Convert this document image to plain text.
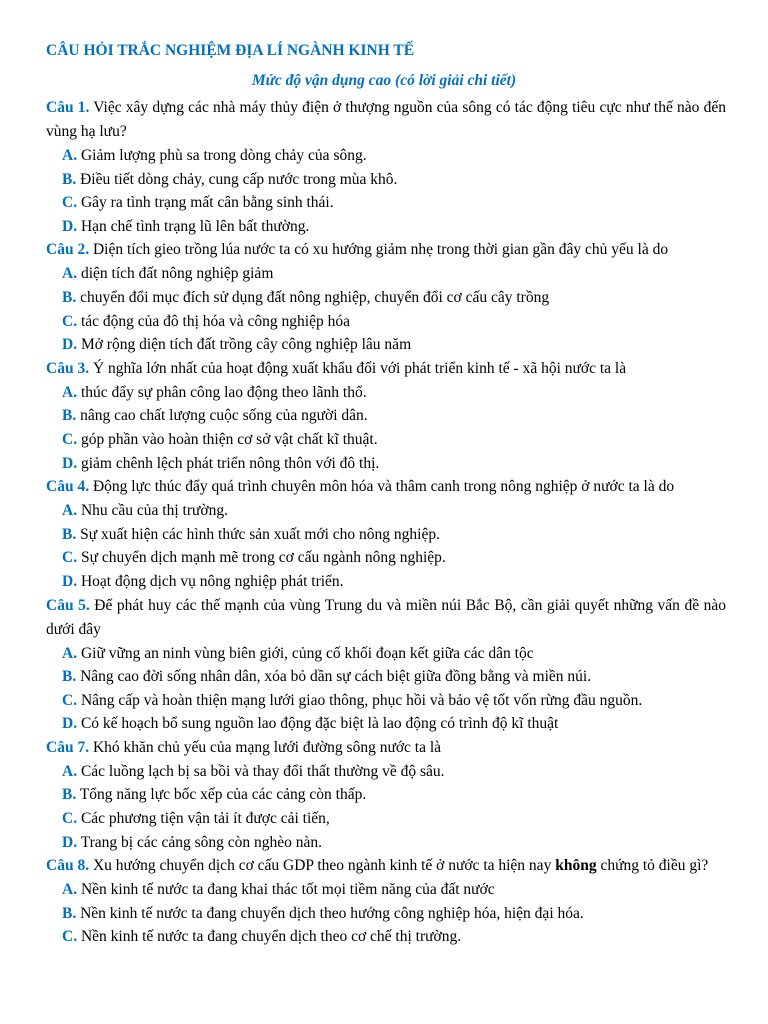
CÂU HỎI TRẮC NGHIỆM ĐỊA LÍ NGÀNH KINH TẾ
Mức độ vận dụng cao (có lời giải chi tiết)

Câu 1. Việc xây dựng các nhà máy thủy điện ở thượng nguồn của sông có tác động tiêu cực như thế nào đến vùng hạ lưu?

A. Giảm lượng phù sa trong dòng chảy của sông.

B. Điều tiết dòng chảy, cung cấp nước trong mùa khô.

C. Gây ra tình trạng mất cân bằng sinh thái.

D. Hạn chế tình trạng lũ lên bất thường.

Câu 2. Diện tích gieo trồng lúa nước ta có xu hướng giảm nhẹ trong thời gian gần đây chủ yếu là do

A. diện tích đất nông nghiệp giảm

B. chuyển đổi mục đích sử dụng đất nông nghiệp, chuyển đổi cơ cấu cây trồng

C. tác động của đô thị hóa và công nghiệp hóa

D. Mở rộng diện tích đất trồng cây công nghiệp lâu năm

Câu 3. Ý nghĩa lớn nhất của hoạt động xuất khẩu đối với phát triển kinh tế - xã hội nước ta là

A. thúc đẩy sự phân công lao động theo lãnh thổ.

B. nâng cao chất lượng cuộc sống của người dân.

C. góp phần vào hoàn thiện cơ sở vật chất kĩ thuật.

D. giảm chênh lệch phát triển nông thôn với đô thị.

Câu 4. Động lực thúc đẩy quá trình chuyên môn hóa và thâm canh trong nông nghiệp ở nước ta là do

A. Nhu cầu của thị trường.

B. Sự xuất hiện các hình thức sản xuất mới cho nông nghiệp.

C. Sự chuyển dịch mạnh mẽ trong cơ cấu ngành nông nghiệp.

D. Hoạt động dịch vụ nông nghiệp phát triển.

Câu 5. Để phát huy các thế mạnh của vùng Trung du và miền núi Bắc Bộ, cần giải quyết những vấn đề nào dưới đây

A. Giữ vững an ninh vùng biên giới, củng cố khối đoạn kết giữa các dân tộc

B. Nâng cao đời sống nhân dân, xóa bỏ dần sự cách biệt giữa đồng bằng và miền núi.

C. Nâng cấp và hoàn thiện mạng lưới giao thông, phục hồi và bảo vệ tốt vốn rừng đầu nguồn.

D. Có kế hoạch bổ sung nguồn lao động đặc biệt là lao động có trình độ kĩ thuật

Câu 7. Khó khăn chủ yếu của mạng lưới đường sông nước ta là

A. Các luồng lạch bị sa bồi và thay đổi thất thường về độ sâu.

B. Tổng năng lực bốc xếp của các cảng còn thấp.

C. Các phương tiện vận tải ít được cải tiến,

D. Trang bị các cảng sông còn nghèo nàn.

Câu 8. Xu hướng chuyển dịch cơ cấu GDP theo ngành kinh tế ở nước ta hiện nay không chứng tỏ điều gì?

A. Nền kinh tế nước ta đang khai thác tốt mọi tiềm năng của đất nước

B. Nền kinh tế nước ta đang chuyển dịch theo hướng công nghiệp hóa, hiện đại hóa.

C. Nền kinh tế nước ta đang chuyển dịch theo cơ chế thị trường.
